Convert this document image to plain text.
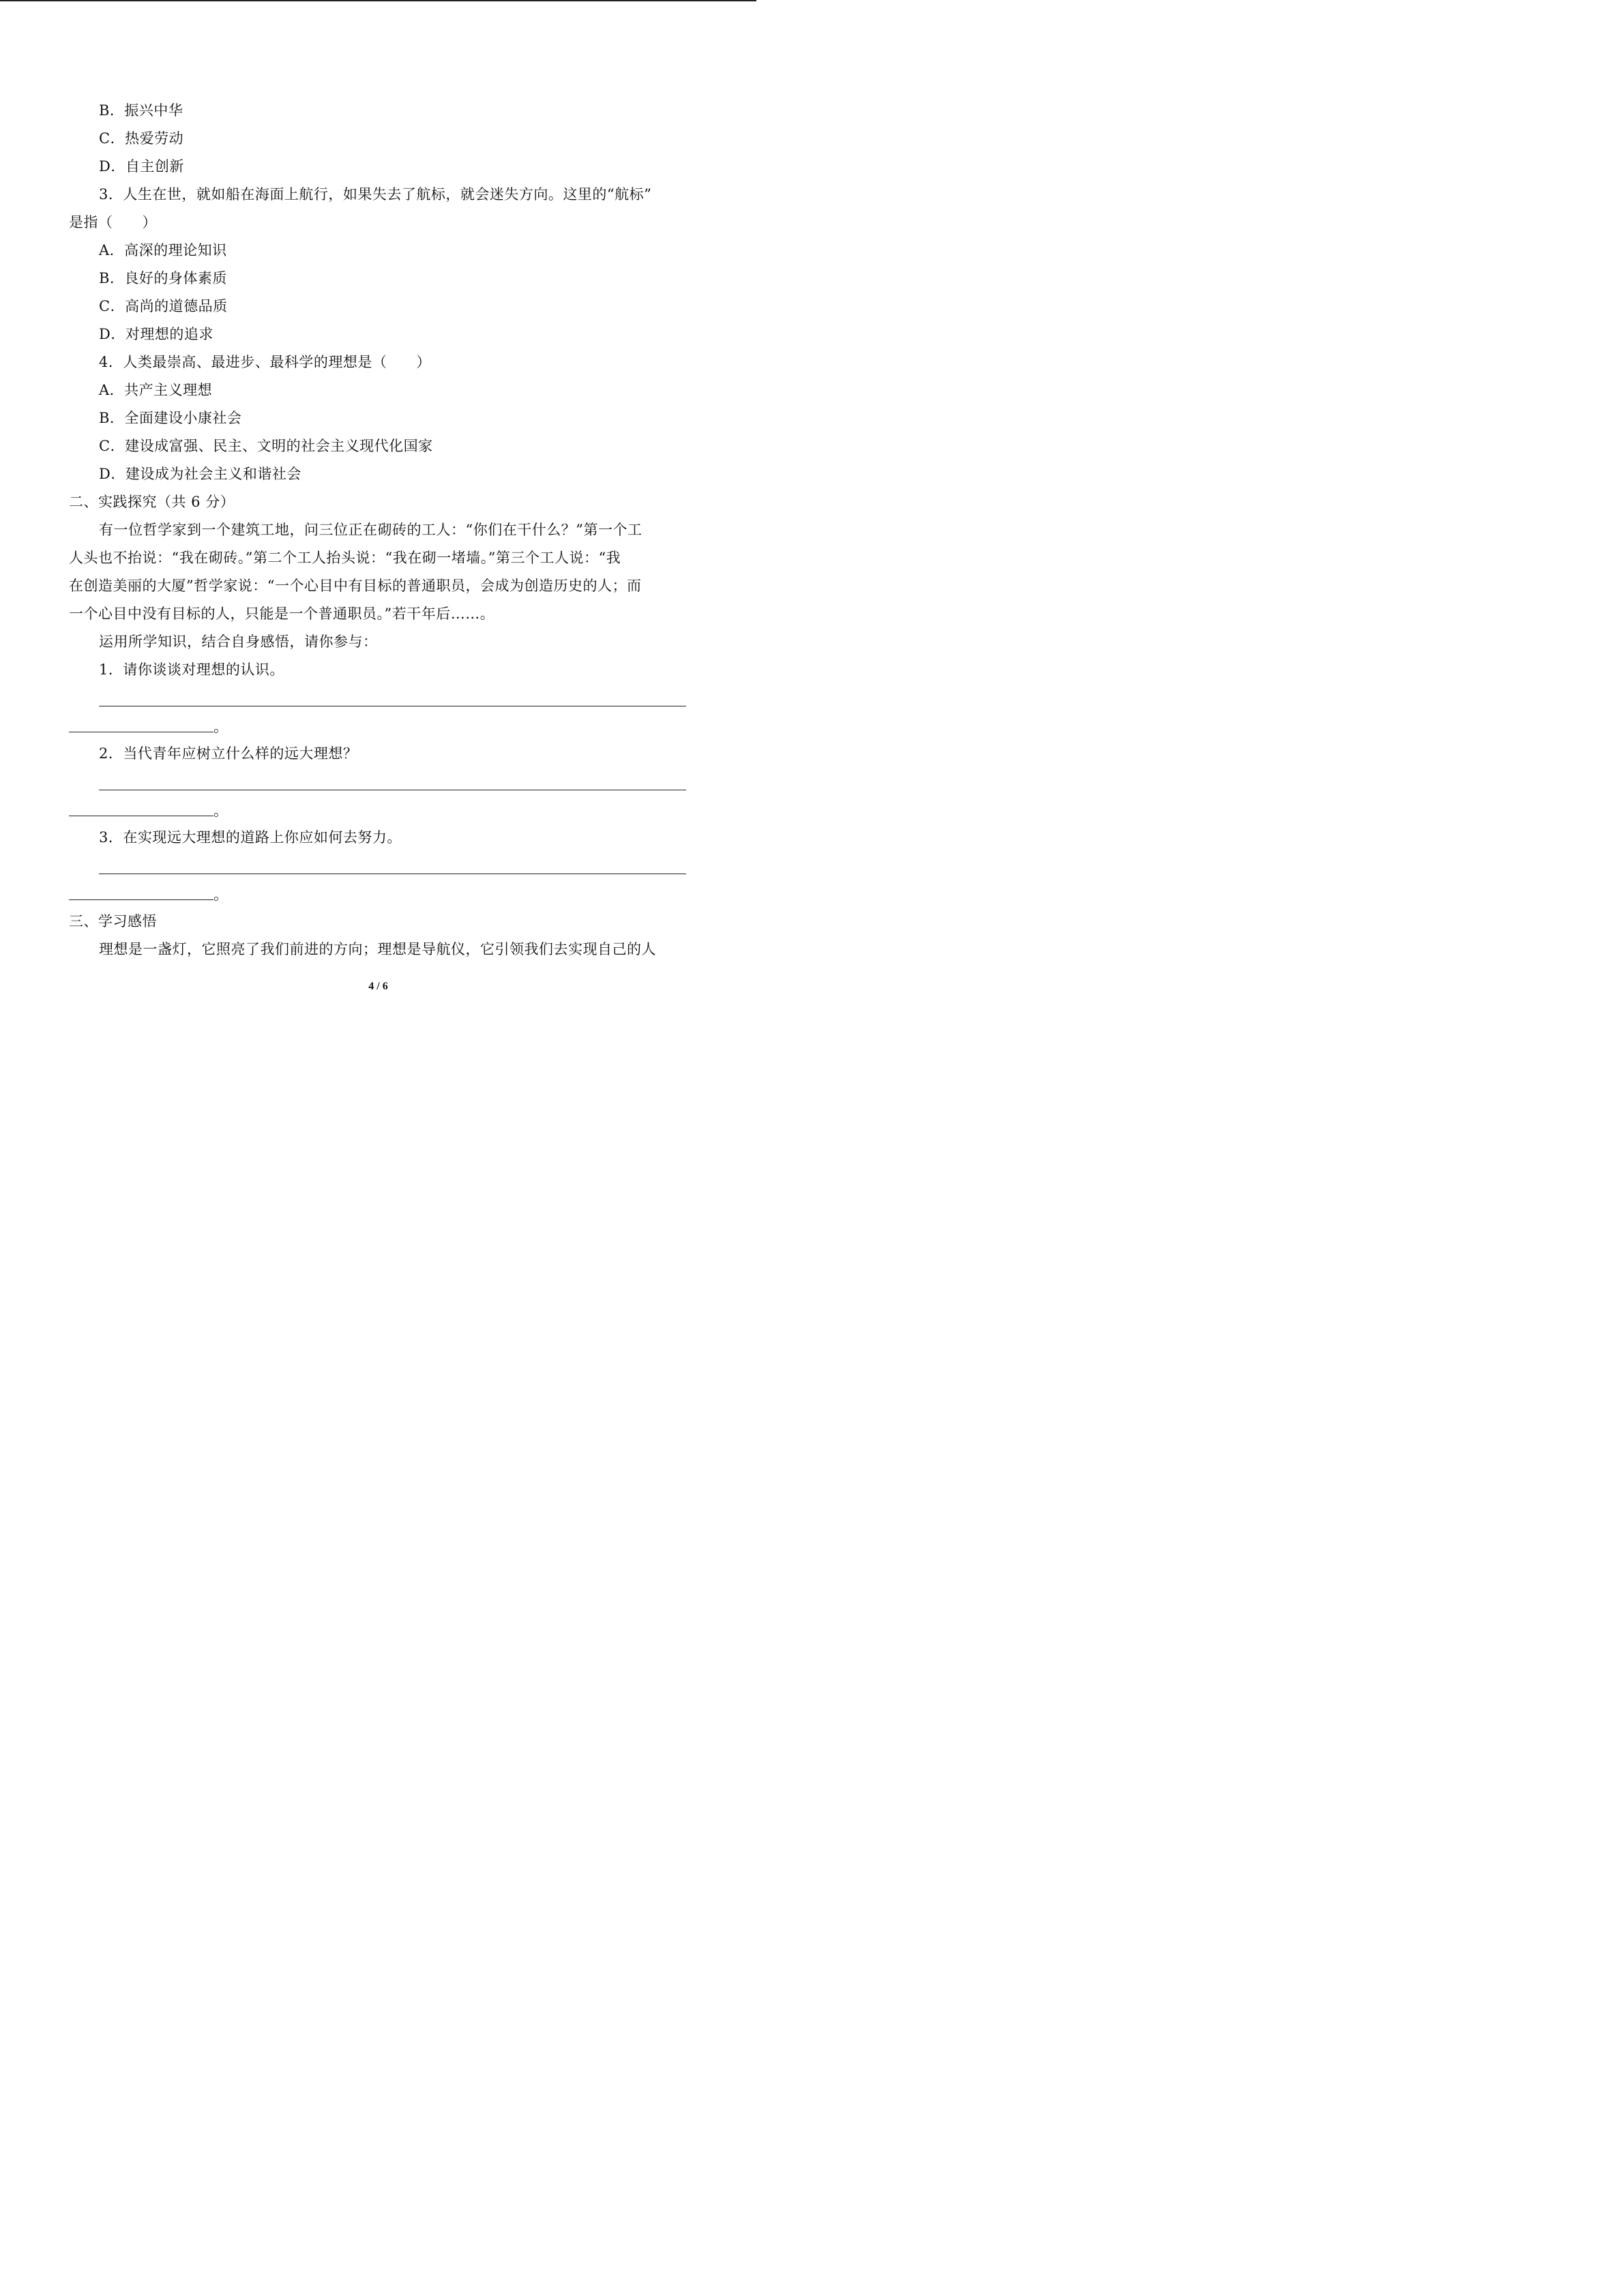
B．振兴中华

C．热爱劳动

D．自主创新

3．人生在世，就如船在海面上航行，如果失去了航标，就会迷失方向。这里的“航标”

是指（　　）

A．高深的理论知识

B．良好的身体素质

C．高尚的道德品质

D．对理想的追求

4．人类最崇高、最进步、最科学的理想是（　　）

A．共产主义理想

B．全面建设小康社会

C．建设成富强、民主、文明的社会主义现代化国家

D．建设成为社会主义和谐社会

二、实践探究（共 6 分）

有一位哲学家到一个建筑工地，问三位正在砌砖的工人：“你们在干什么？”第一个工

人头也不抬说：“我在砌砖。”第二个工人抬头说：“我在砌一堵墙。”第三个工人说：“我

在创造美丽的大厦”哲学家说：“一个心目中有目标的普通职员，会成为创造历史的人；而

一个心目中没有目标的人，只能是一个普通职员。”若干年后……。

运用所学知识，结合自身感悟，请你参与：

1．请你谈谈对理想的认识。

。

2．当代青年应树立什么样的远大理想？

。

3．在实现远大理想的道路上你应如何去努力。

。

三、学习感悟

理想是一盏灯，它照亮了我们前进的方向；理想是导航仪，它引领我们去实现自己的人

4 / 6
